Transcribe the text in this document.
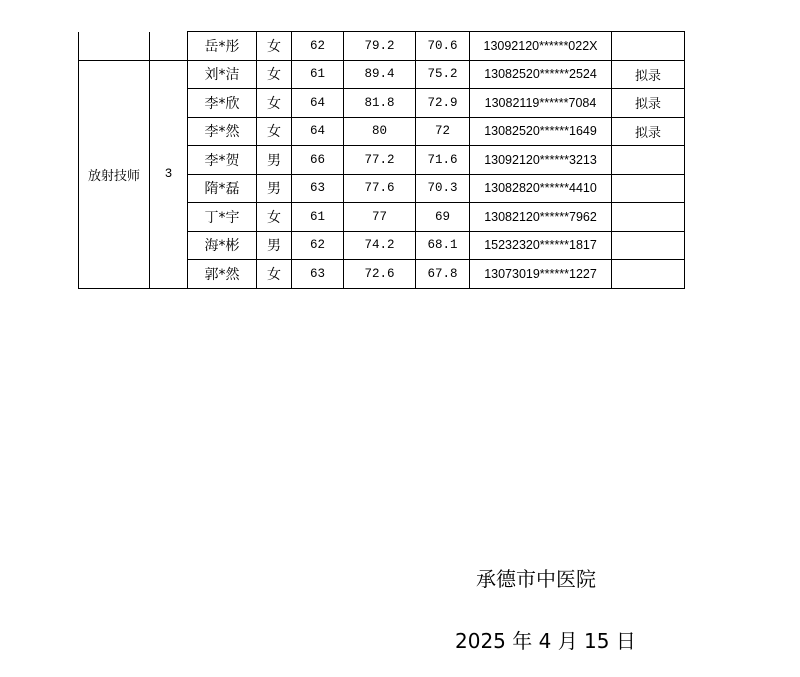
		岳*彤	女	62	79.2	70.6	13092120******022X	
放射技师	3	刘*洁	女	61	89.4	75.2	13082520******2524	拟录
		李*欣	女	64	81.8	72.9	13082119******7084	拟录
		李*然	女	64	80	72	13082520******1649	拟录
		李*贺	男	66	77.2	71.6	13092120******3213	
		隋*磊	男	63	77.6	70.3	13082820******4410	
		丁*宇	女	61	77	69	13082120******7962	
		海*彬	男	62	74.2	68.1	15232320******1817	
		郭*然	女	63	72.6	67.8	13073019******1227	
承德市中医院
2025 年 4 月 15 日
